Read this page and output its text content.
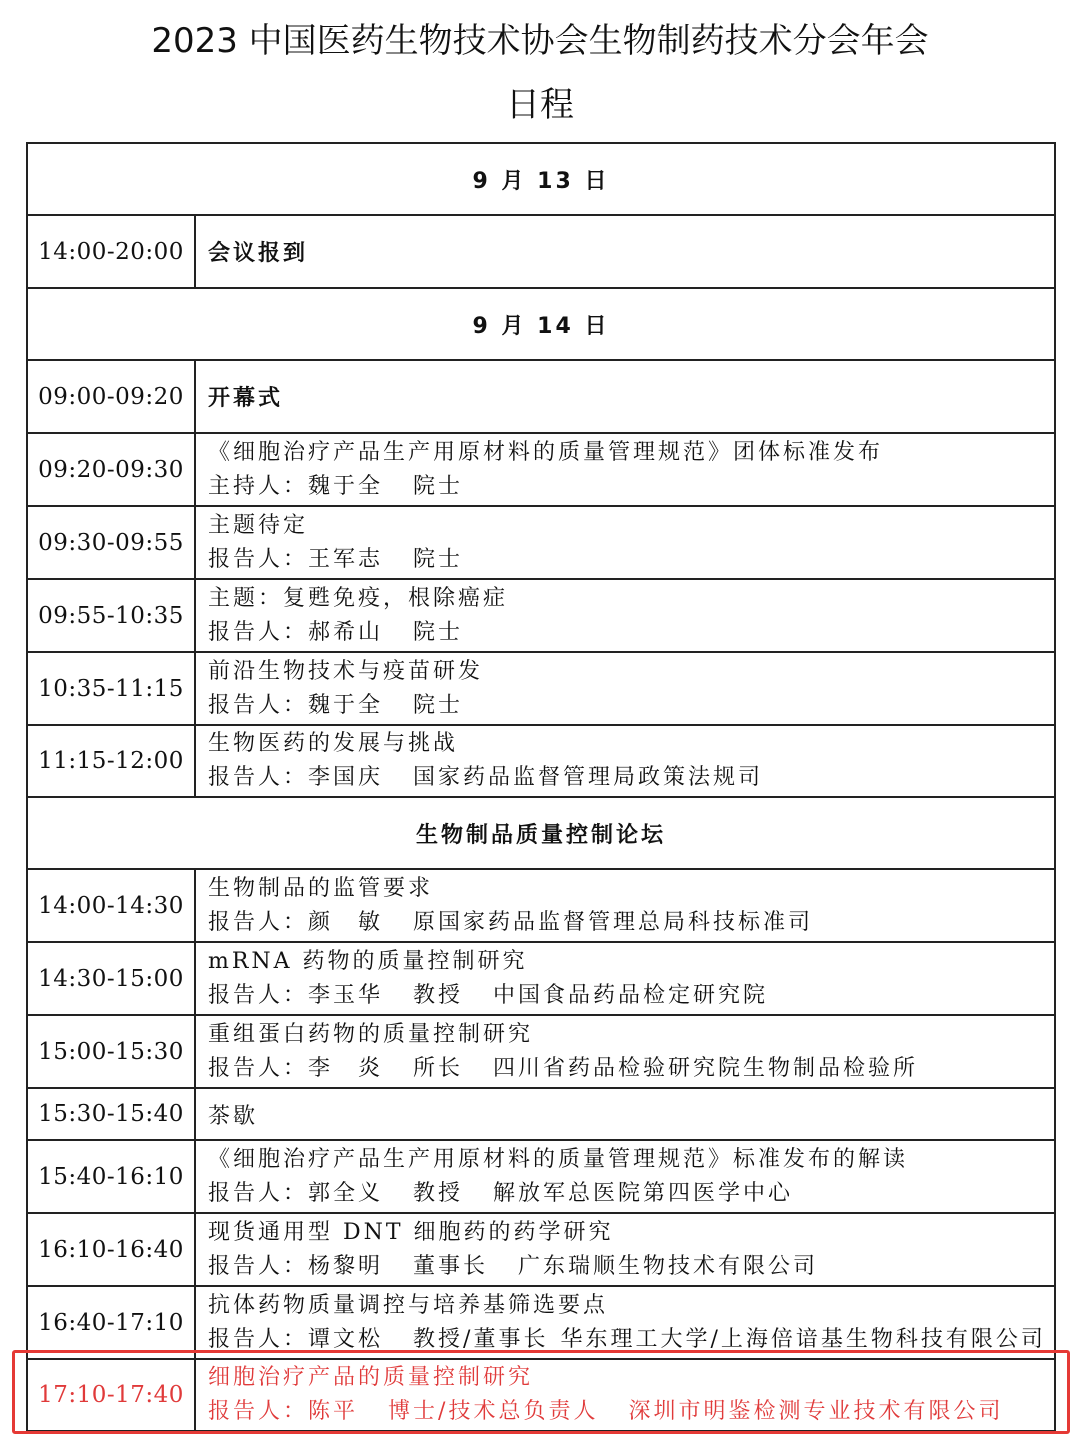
2023 中国医药生物技术协会生物制药技术分会年会
日程
9 月 13 日	
14:00-20:00	会议报到
9 月 14 日	
09:00-09:20	开幕式
09:20-09:30	《细胞治疗产品生产用原材料的质量管理规范》团体标准发布
主持人：魏于全 院士

09:30-09:55	主题待定
报告人：王军志 院士

09:55-10:35	主题：复甦免疫，根除癌症
报告人：郝希山 院士

10:35-11:15	前沿生物技术与疫苗研发
报告人：魏于全 院士

11:15-12:00	生物医药的发展与挑战
报告人：李国庆 国家药品监督管理局政策法规司

生物制品质量控制论坛	
14:00-14:30	生物制品的监管要求
报告人：颜　敏 原国家药品监督管理总局科技标准司

14:30-15:00	mRNA 药物的质量控制研究
报告人：李玉华 教授 中国食品药品检定研究院

15:00-15:30	重组蛋白药物的质量控制研究
报告人：李　炎 所长 四川省药品检验研究院生物制品检验所

15:30-15:40	茶歇
15:40-16:10	《细胞治疗产品生产用原材料的质量管理规范》标准发布的解读
报告人：郭全义 教授 解放军总医院第四医学中心

16:10-16:40	现货通用型 DNT 细胞药的药学研究
报告人：杨黎明 董事长 广东瑞顺生物技术有限公司

16:40-17:10	抗体药物质量调控与培养基筛选要点
报告人：谭文松 教授/董事长 华东理工大学/上海倍谙基生物科技有限公司

17:10-17:40	细胞治疗产品的质量控制研究
报告人：陈平 博士/技术总负责人 深圳市明鉴检测专业技术有限公司
